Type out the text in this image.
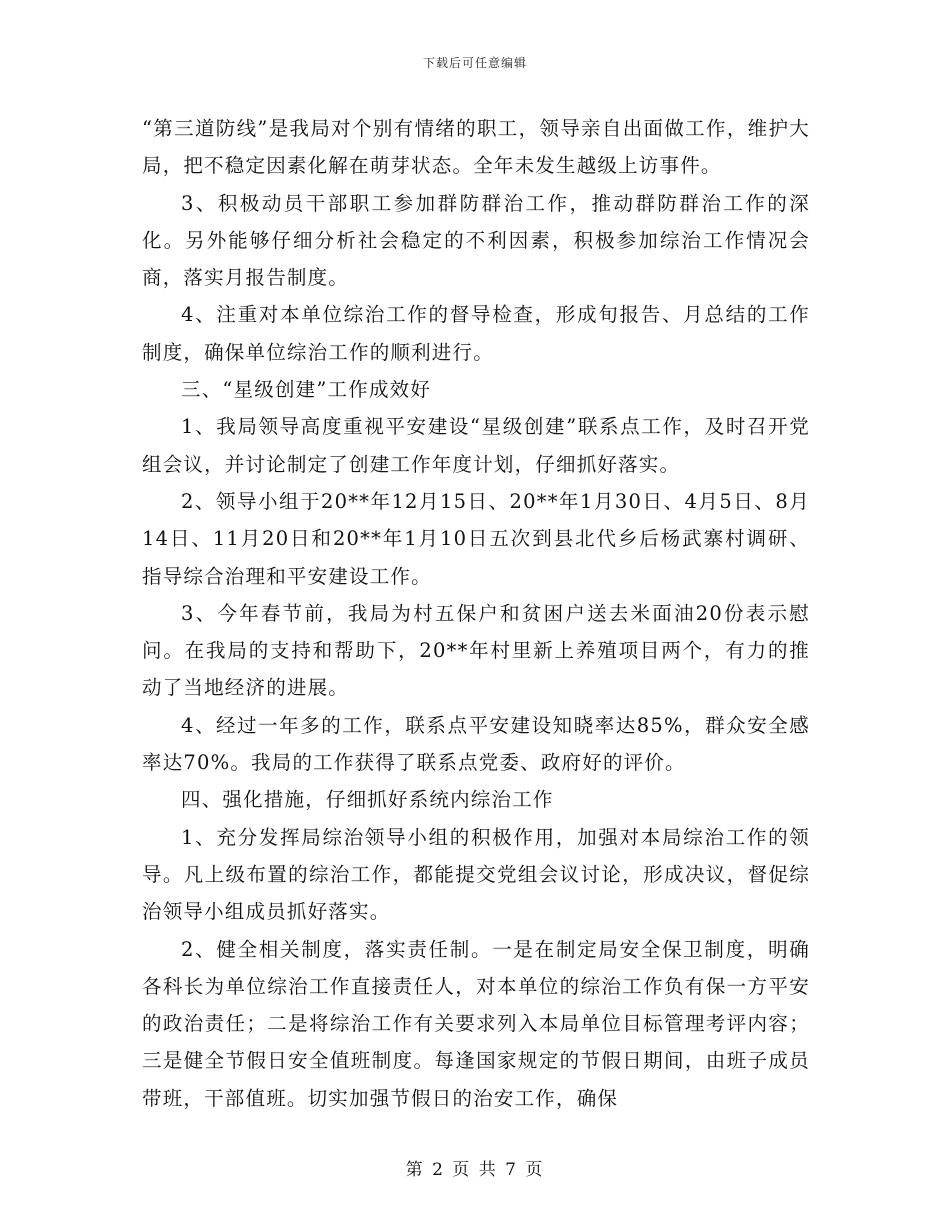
下载后可任意编辑

“第三道防线”是我局对个别有情绪的职工，领导亲自出面做工作，维护大局，把不稳定因素化解在萌芽状态。全年未发生越级上访事件。

3、积极动员干部职工参加群防群治工作，推动群防群治工作的深化。另外能够仔细分析社会稳定的不利因素，积极参加综治工作情况会商，落实月报告制度。

4、注重对本单位综治工作的督导检查，形成旬报告、月总结的工作制度，确保单位综治工作的顺利进行。

三、“星级创建”工作成效好

1、我局领导高度重视平安建设“星级创建”联系点工作，及时召开党组会议，并讨论制定了创建工作年度计划，仔细抓好落实。

2、领导小组于20**年12月15日、20**年1月30日、4月5日、8月14日、11月20日和20**年1月10日五次到县北代乡后杨武寨村调研、指导综合治理和平安建设工作。

3、今年春节前，我局为村五保户和贫困户送去米面油20份表示慰问。在我局的支持和帮助下，20**年村里新上养殖项目两个，有力的推动了当地经济的进展。

4、经过一年多的工作，联系点平安建设知晓率达85%，群众安全感率达70%。我局的工作获得了联系点党委、政府好的评价。

四、强化措施，仔细抓好系统内综治工作

1、充分发挥局综治领导小组的积极作用，加强对本局综治工作的领导。凡上级布置的综治工作，都能提交党组会议讨论，形成决议，督促综治领导小组成员抓好落实。

2、健全相关制度，落实责任制。一是在制定局安全保卫制度，明确各科长为单位综治工作直接责任人，对本单位的综治工作负有保一方平安的政治责任；二是将综治工作有关要求列入本局单位目标管理考评内容；三是健全节假日安全值班制度。每逢国家规定的节假日期间，由班子成员带班，干部值班。切实加强节假日的治安工作，确保

第 2 页 共 7 页
